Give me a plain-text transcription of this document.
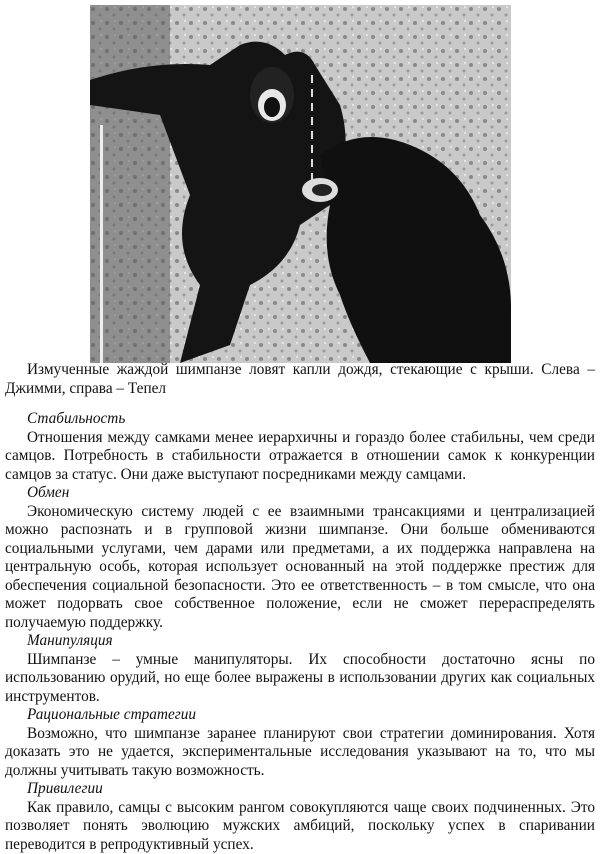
Измученные жаждой шимпанзе ловят капли дождя, стекающие с крыши. Слева – Джимми, справа – Тепел

Стабильность

Отношения между самками менее иерархичны и гораздо более стабильны, чем среди самцов. Потребность в стабильности отражается в отношении самок к конкуренции самцов за статус. Они даже выступают посредниками между самцами.

Обмен

Экономическую систему людей с ее взаимными трансакциями и централизацией можно распознать и в групповой жизни шимпанзе. Они больше обмениваются социальными услугами, чем дарами или предметами, а их поддержка направлена на центральную особь, которая использует основанный на этой поддержке престиж для обеспечения социальной безопасности. Это ее ответственность – в том смысле, что она может подорвать свое собственное положение, если не сможет перераспределять получаемую поддержку.

Манипуляция

Шимпанзе – умные манипуляторы. Их способности достаточно ясны по использованию орудий, но еще более выражены в использовании других как социальных инструментов.

Рациональные стратегии

Возможно, что шимпанзе заранее планируют свои стратегии доминирования. Хотя доказать это не удается, экспериментальные исследования указывают на то, что мы должны учитывать такую возможность.

Привилегии

Как правило, самцы с высоким рангом совокупляются чаще своих подчиненных. Это позволяет понять эволюцию мужских амбиций, поскольку успех в спаривании переводится в репродуктивный успех.
